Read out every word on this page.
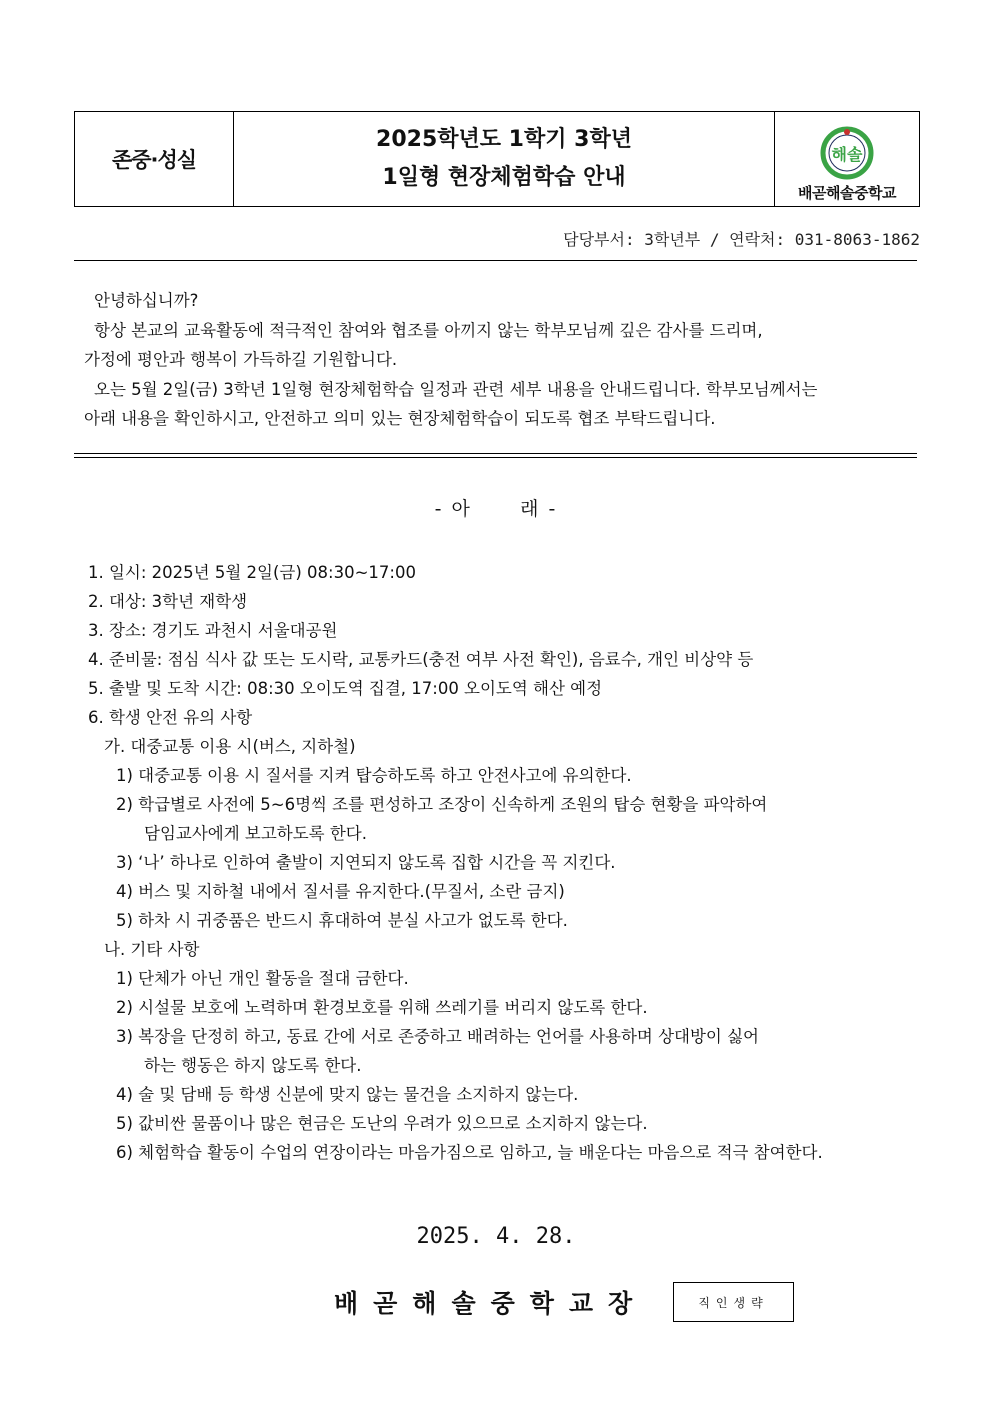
존중·성실
2025학년도 1학기 3학년
1일형 현장체험학습 안내
해솔
배곧해솔중학교
담당부서: 3학년부 / 연락처: 031-8063-1862

안녕하십니까?

항상 본교의 교육활동에 적극적인 참여와 협조를 아끼지 않는 학부모님께 깊은 감사를 드리며,

가정에 평안과 행복이 가득하길 기원합니다.

오는 5월 2일(금) 3학년 1일형 현장체험학습 일정과 관련 세부 내용을 안내드립니다. 학부모님께서는

아래 내용을 확인하시고, 안전하고 의미 있는 현장체험학습이 되도록 협조 부탁드립니다.

- 아      래 -
1. 일시: 2025년 5월 2일(금) 08:30~17:00
2. 대상: 3학년 재학생
3. 장소: 경기도 과천시 서울대공원
4. 준비물: 점심 식사 값 또는 도시락, 교통카드(충전 여부 사전 확인), 음료수, 개인 비상약 등
5. 출발 및 도착 시간: 08:30 오이도역 집결, 17:00 오이도역 해산 예정
6. 학생 안전 유의 사항
가. 대중교통 이용 시(버스, 지하철)
1) 대중교통 이용 시 질서를 지켜 탑승하도록 하고 안전사고에 유의한다.
2) 학급별로 사전에 5~6명씩 조를 편성하고 조장이 신속하게 조원의 탑승 현황을 파악하여
담임교사에게 보고하도록 한다.
3) ‘나’ 하나로 인하여 출발이 지연되지 않도록 집합 시간을 꼭 지킨다.
4) 버스 및 지하철 내에서 질서를 유지한다.(무질서, 소란 금지)
5) 하차 시 귀중품은 반드시 휴대하여 분실 사고가 없도록 한다.
나. 기타 사항
1) 단체가 아닌 개인 활동을 절대 금한다.
2) 시설물 보호에 노력하며 환경보호를 위해 쓰레기를 버리지 않도록 한다.
3) 복장을 단정히 하고, 동료 간에 서로 존중하고 배려하는 언어를 사용하며 상대방이 싫어
하는 행동은 하지 않도록 한다.
4) 술 및 담배 등 학생 신분에 맞지 않는 물건을 소지하지 않는다.
5) 값비싼 물품이나 많은 현금은 도난의 우려가 있으므로 소지하지 않는다.
6) 체험학습 활동이 수업의 연장이라는 마음가짐으로 임하고, 늘 배운다는 마음으로 적극 참여한다.
2025. 4. 28.
배곧해솔중학교장	직인생략
